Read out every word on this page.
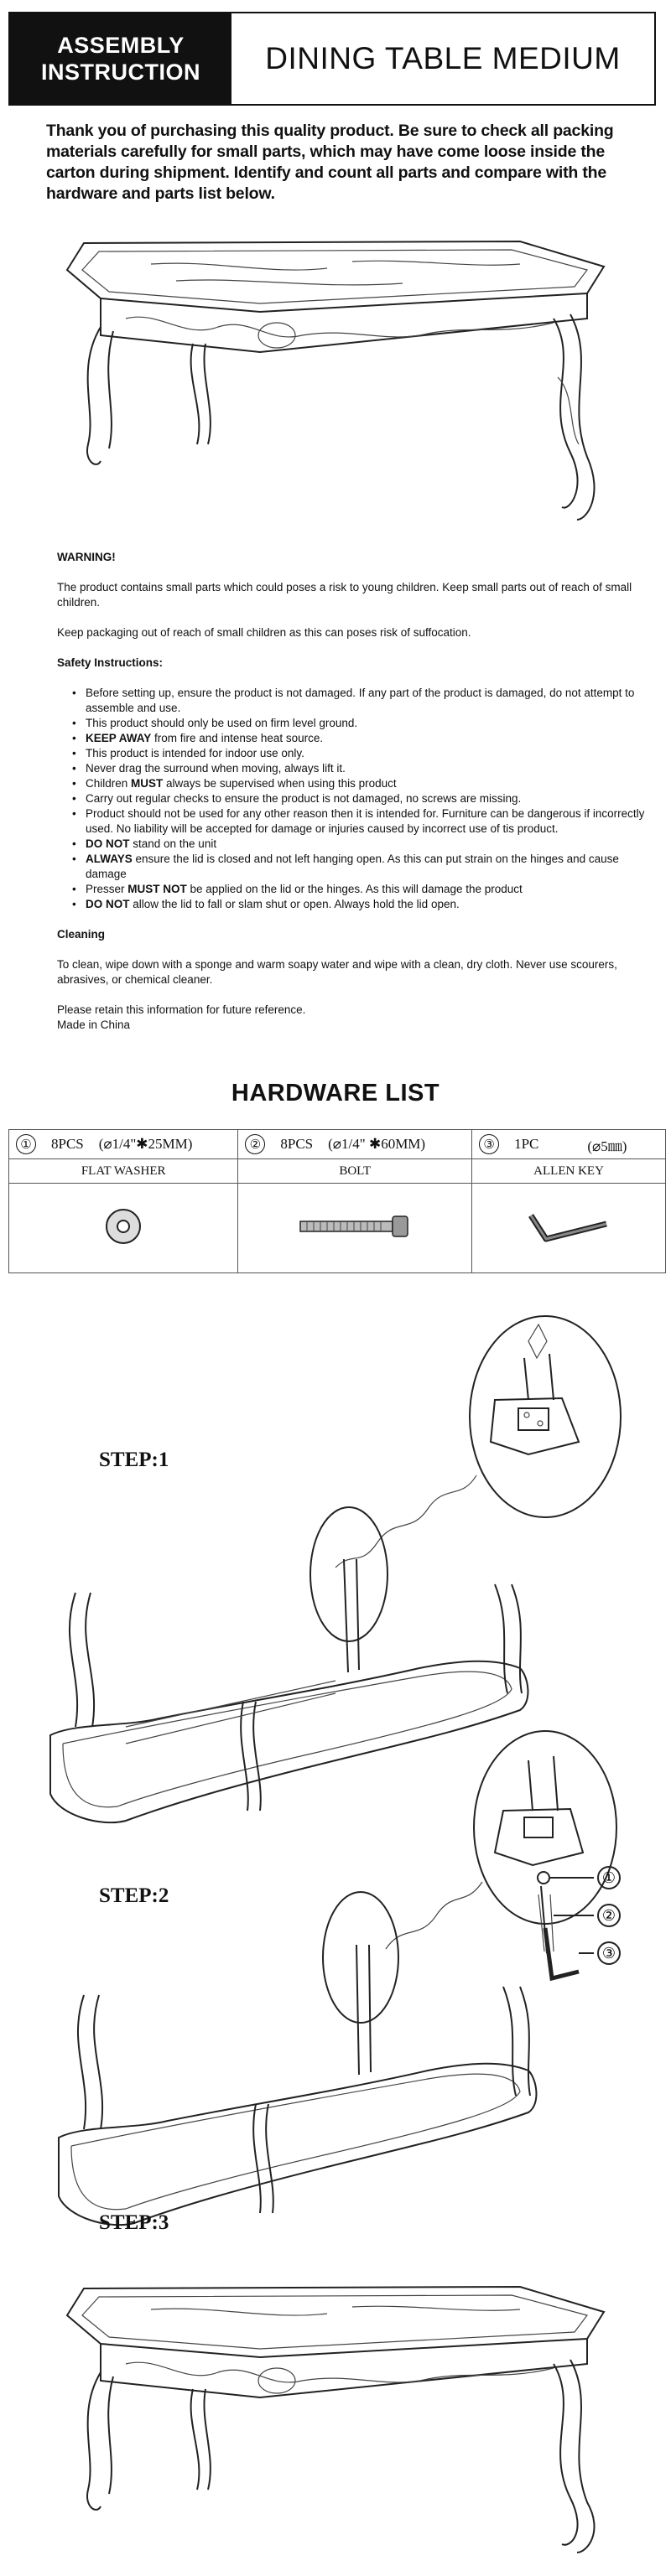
ASSEMBLY
INSTRUCTION	DINING TABLE MEDIUM

Thank you of purchasing this quality product. Be sure to check all packing materials carefully for small parts, which may have come loose inside the carton during shipment. Identify and count all parts and compare with the hardware and parts list below.

WARNING!

The product contains small parts which could poses a risk to young children. Keep small parts out of reach of small children.

Keep packaging out of reach of small children as this can poses risk of suffocation.

Safety Instructions:

• Before setting up, ensure the product is not damaged. If any part of the product is damaged, do not attempt to assemble and use.
• This product should only be used on firm level ground.
• KEEP AWAY from fire and intense heat source.
• This product is intended for indoor use only.
• Never drag the surround when moving, always lift it.
• Children MUST always be supervised when using this product
• Carry out regular checks to ensure the product is not damaged, no screws are missing.
• Product should not be used for any other reason then it is intended for. Furniture can be dangerous if incorrectly used. No liability will be accepted for damage or injuries caused by incorrect use of tis product.
• DO NOT stand on the unit
• ALWAYS ensure the lid is closed and not left hanging open. As this can put strain on the hinges and cause damage
• Presser MUST NOT be applied on the lid or the hinges. As this will damage the product
• DO NOT allow the lid to fall or slam shut or open. Always hold the lid open.

Cleaning

To clean, wipe down with a sponge and warm soapy water and wipe with a clean, dry cloth. Never use scourers, abrasives, or chemical cleaner.

Please retain this information for future reference.

Made in China

HARDWARE LIST
① 8PCS (⌀1/4"✱25MM)	② 8PCS (⌀1/4" ✱60MM)	③ 1PC (⌀5㎜)

FLAT WASHER	BOLT	ALLEN KEY

STEP:1
STEP:2
①
②
③
STEP:3
